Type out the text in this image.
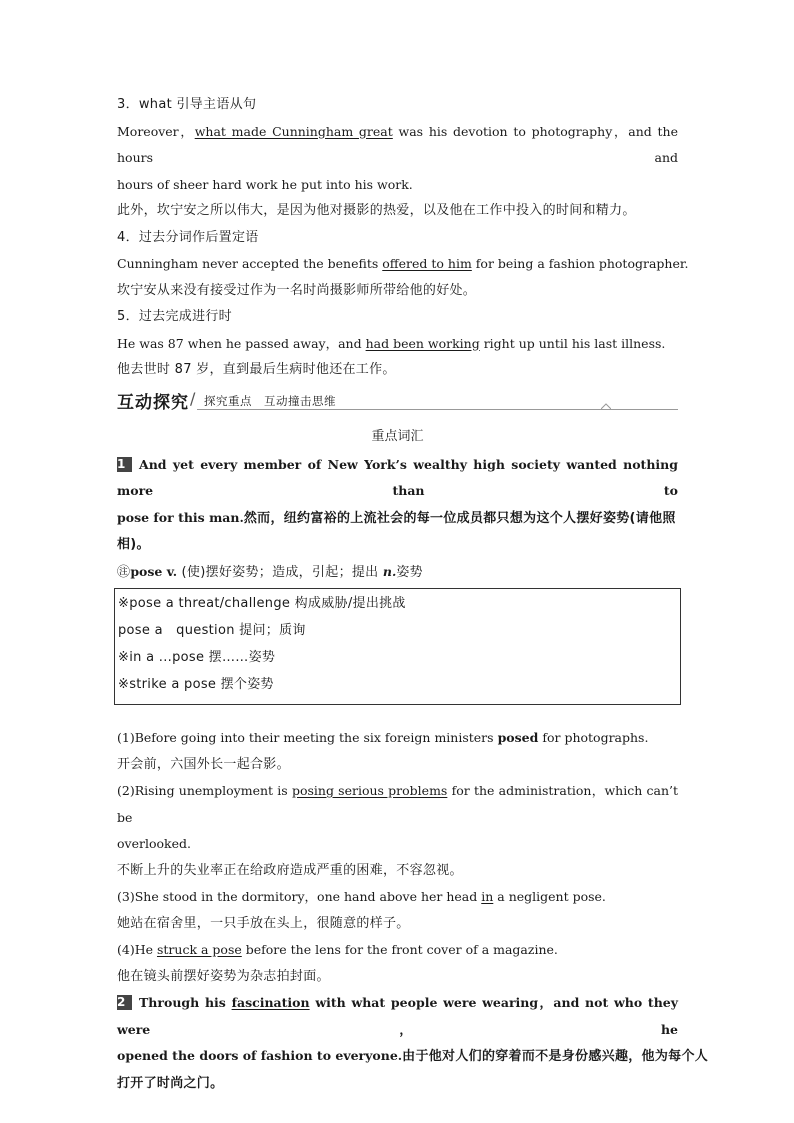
3．what 引导主语从句
Moreover，what made Cunningham great was his devotion to photography，and the hours and
hours of sheer hard work he put into his work.
此外，坎宁安之所以伟大，是因为他对摄影的热爱，以及他在工作中投入的时间和精力。
4．过去分词作后置定语
Cunningham never accepted the benefits offered to him for being a fashion photographer.
坎宁安从来没有接受过作为一名时尚摄影师所带给他的好处。
5．过去完成进行时
He was 87 when he passed away，and had been working right up until his last illness.
他去世时 87 岁，直到最后生病时他还在工作。
互动探究 / 探究重点　互动撞击思维
重点词汇
1 And yet every member of New York’s wealthy high society wanted nothing more than to
pose for this man.然而，纽约富裕的上流社会的每一位成员都只想为这个人摆好姿势(请他照
相)。
㊟pose v. (使)摆好姿势；造成，引起；提出 n.姿势
※pose a threat/challenge 构成威胁/提出挑战
pose a　question 提问；质询
※in a ...pose 摆……姿势
※strike a pose 摆个姿势
(1)Before going into their meeting the six foreign ministers posed for photographs.
开会前，六国外长一起合影。
(2)Rising unemployment is posing serious problems for the administration，which can’t be
overlooked.
不断上升的失业率正在给政府造成严重的困难，不容忽视。
(3)She stood in the dormitory，one hand above her head in a negligent pose.
她站在宿舍里，一只手放在头上，很随意的样子。
(4)He struck a pose before the lens for the front cover of a magazine.
他在镜头前摆好姿势为杂志拍封面。
2 Through his fascination with what people were wearing，and not who they were，he
opened the doors of fashion to everyone.由于他对人们的穿着而不是身份感兴趣，他为每个人
打开了时尚之门。
